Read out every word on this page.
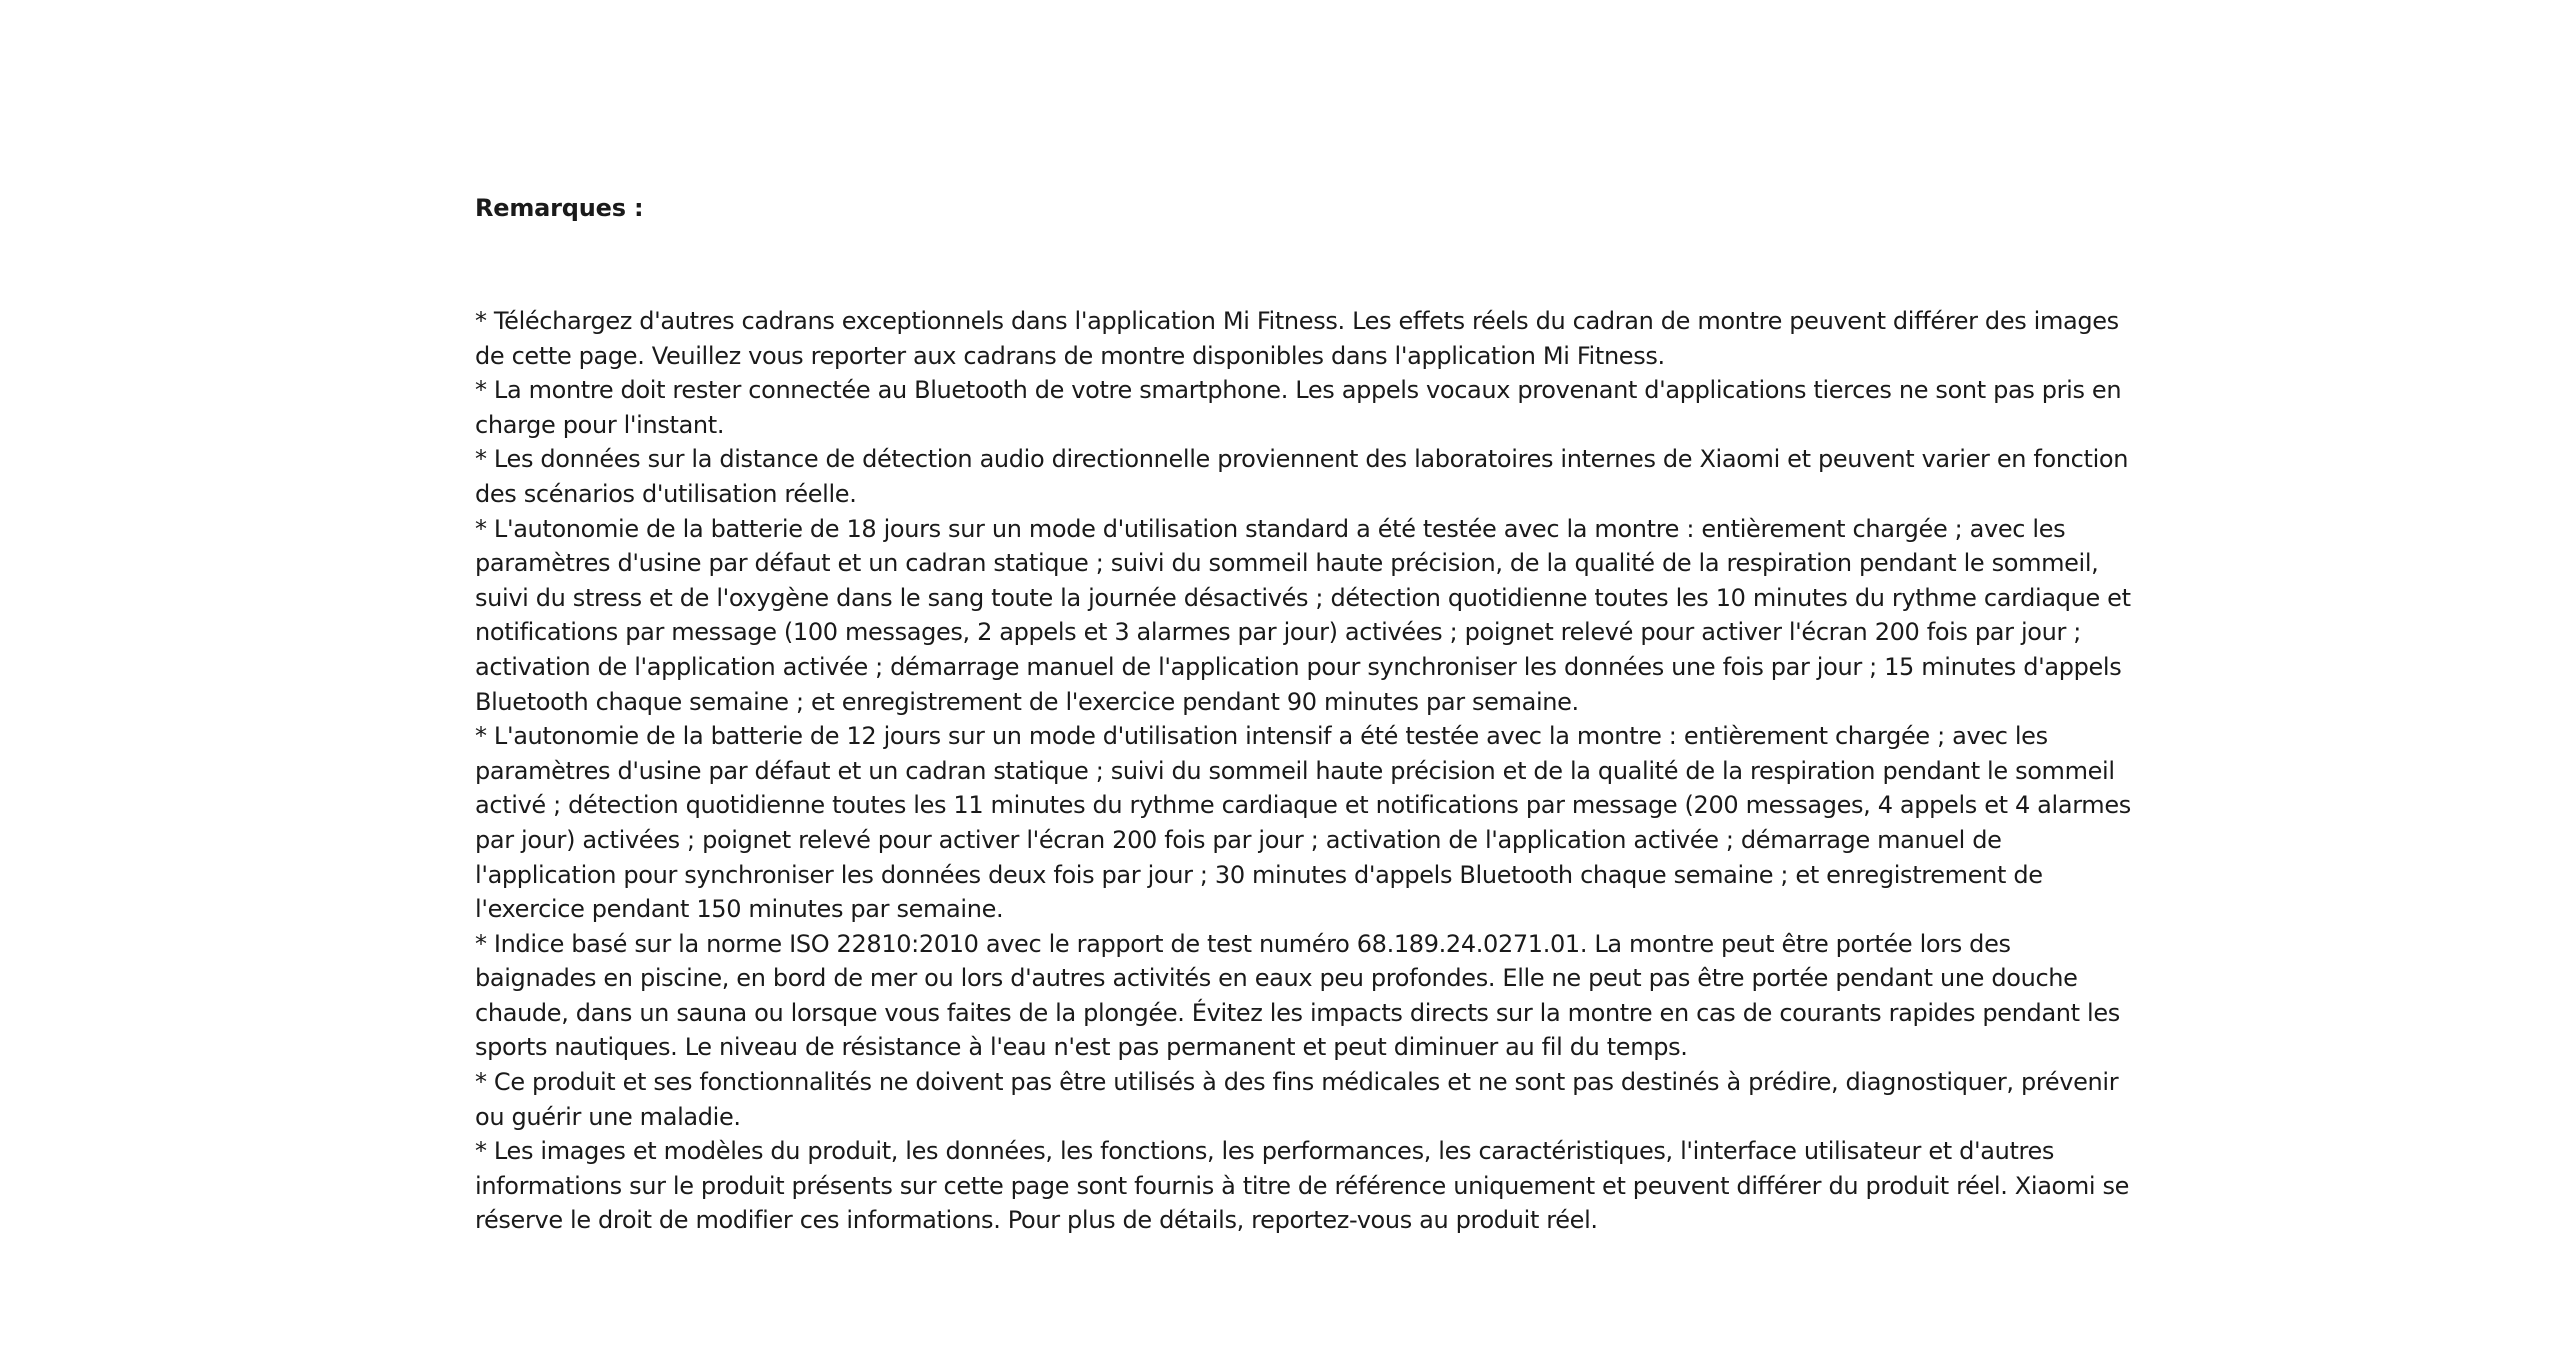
Remarques :
* Téléchargez d'autres cadrans exceptionnels dans l'application Mi Fitness. Les effets réels du cadran de montre peuvent différer des images de cette page. Veuillez vous reporter aux cadrans de montre disponibles dans l'application Mi Fitness.
* La montre doit rester connectée au Bluetooth de votre smartphone. Les appels vocaux provenant d'applications tierces ne sont pas pris en charge pour l'instant.
* Les données sur la distance de détection audio directionnelle proviennent des laboratoires internes de Xiaomi et peuvent varier en fonction des scénarios d'utilisation réelle.
* L'autonomie de la batterie de 18 jours sur un mode d'utilisation standard a été testée avec la montre : entièrement chargée ; avec les paramètres d'usine par défaut et un cadran statique ; suivi du sommeil haute précision, de la qualité de la respiration pendant le sommeil, suivi du stress et de l'oxygène dans le sang toute la journée désactivés ; détection quotidienne toutes les 10 minutes du rythme cardiaque et notifications par message (100 messages, 2 appels et 3 alarmes par jour) activées ; poignet relevé pour activer l'écran 200 fois par jour ; activation de l'application activée ; démarrage manuel de l'application pour synchroniser les données une fois par jour ; 15 minutes d'appels Bluetooth chaque semaine ; et enregistrement de l'exercice pendant 90 minutes par semaine.
* L'autonomie de la batterie de 12 jours sur un mode d'utilisation intensif a été testée avec la montre : entièrement chargée ; avec les paramètres d'usine par défaut et un cadran statique ; suivi du sommeil haute précision et de la qualité de la respiration pendant le sommeil activé ; détection quotidienne toutes les 11 minutes du rythme cardiaque et notifications par message (200 messages, 4 appels et 4 alarmes par jour) activées ; poignet relevé pour activer l'écran 200 fois par jour ; activation de l'application activée ; démarrage manuel de l'application pour synchroniser les données deux fois par jour ; 30 minutes d'appels Bluetooth chaque semaine ; et enregistrement de l'exercice pendant 150 minutes par semaine.
* Indice basé sur la norme ISO 22810:2010 avec le rapport de test numéro 68.189.24.0271.01. La montre peut être portée lors des baignades en piscine, en bord de mer ou lors d'autres activités en eaux peu profondes. Elle ne peut pas être portée pendant une douche chaude, dans un sauna ou lorsque vous faites de la plongée. Évitez les impacts directs sur la montre en cas de courants rapides pendant les sports nautiques. Le niveau de résistance à l'eau n'est pas permanent et peut diminuer au fil du temps.
* Ce produit et ses fonctionnalités ne doivent pas être utilisés à des fins médicales et ne sont pas destinés à prédire, diagnostiquer, prévenir ou guérir une maladie.
* Les images et modèles du produit, les données, les fonctions, les performances, les caractéristiques, l'interface utilisateur et d'autres informations sur le produit présents sur cette page sont fournis à titre de référence uniquement et peuvent différer du produit réel. Xiaomi se réserve le droit de modifier ces informations. Pour plus de détails, reportez-vous au produit réel.
